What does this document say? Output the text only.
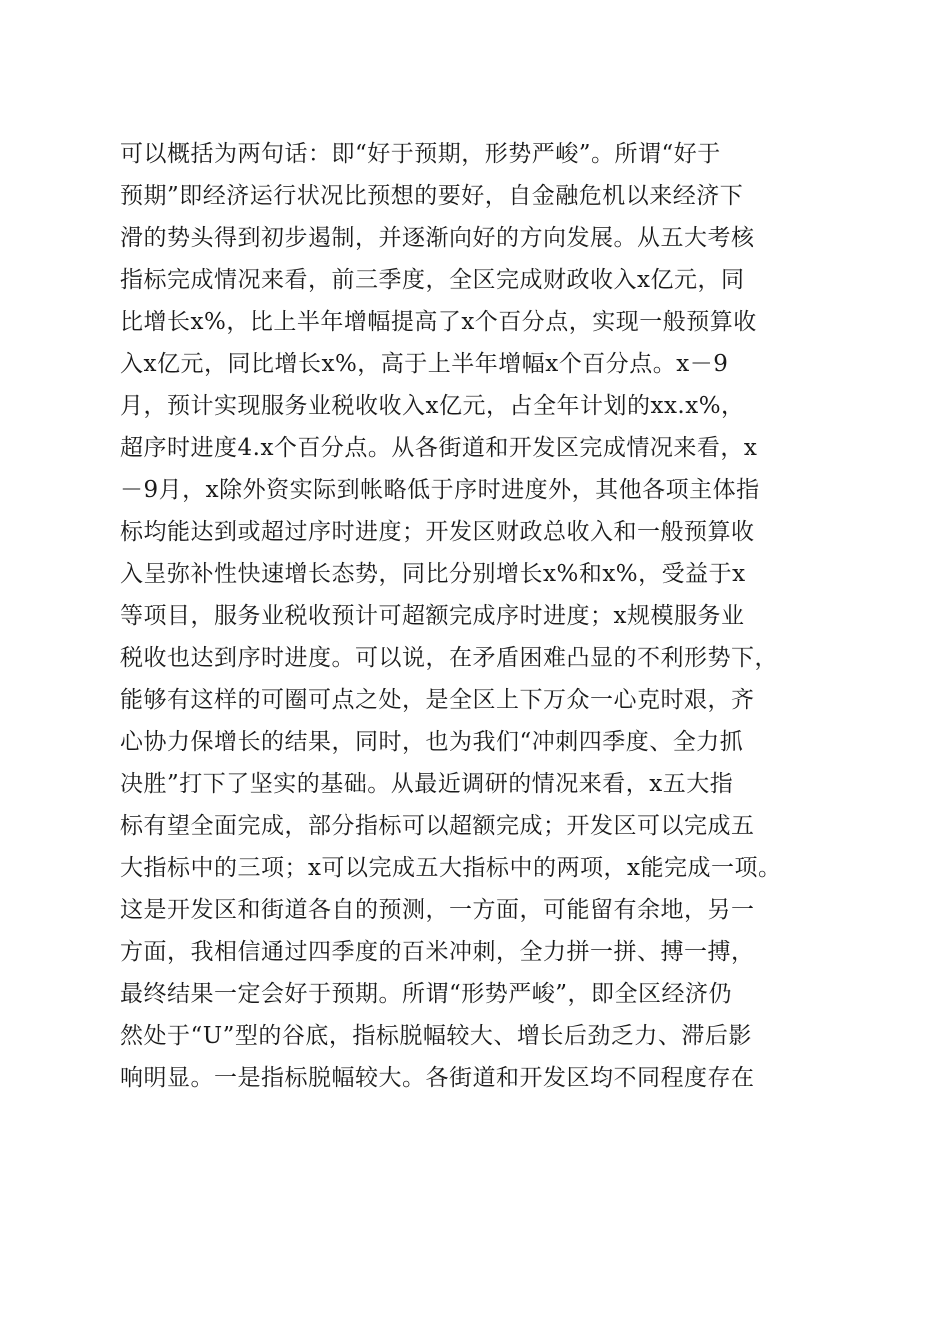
可以概括为两句话：即“好于预期，形势严峻”。所谓“好于
预期”即经济运行状况比预想的要好，自金融危机以来经济下
滑的势头得到初步遏制，并逐渐向好的方向发展。从五大考核
指标完成情况来看，前三季度，全区完成财政收入x亿元，同
比增长x%，比上半年增幅提高了x个百分点，实现一般预算收
入x亿元，同比增长x%，高于上半年增幅x个百分点。x－9
月，预计实现服务业税收收入x亿元，占全年计划的xx.x%，
超序时进度4.x个百分点。从各街道和开发区完成情况来看，x
－9月，x除外资实际到帐略低于序时进度外，其他各项主体指
标均能达到或超过序时进度；开发区财政总收入和一般预算收
入呈弥补性快速增长态势，同比分别增长x%和x%，受益于x
等项目，服务业税收预计可超额完成序时进度；x规模服务业
税收也达到序时进度。可以说，在矛盾困难凸显的不利形势下，
能够有这样的可圈可点之处，是全区上下万众一心克时艰，齐
心协力保增长的结果，同时，也为我们“冲刺四季度、全力抓
决胜”打下了坚实的基础。从最近调研的情况来看，x五大指
标有望全面完成，部分指标可以超额完成；开发区可以完成五
大指标中的三项；x可以完成五大指标中的两项，x能完成一项。
这是开发区和街道各自的预测，一方面，可能留有余地，另一
方面，我相信通过四季度的百米冲刺，全力拼一拼、搏一搏，
最终结果一定会好于预期。所谓“形势严峻”，即全区经济仍
然处于“U”型的谷底，指标脱幅较大、增长后劲乏力、滞后影
响明显。一是指标脱幅较大。各街道和开发区均不同程度存在
